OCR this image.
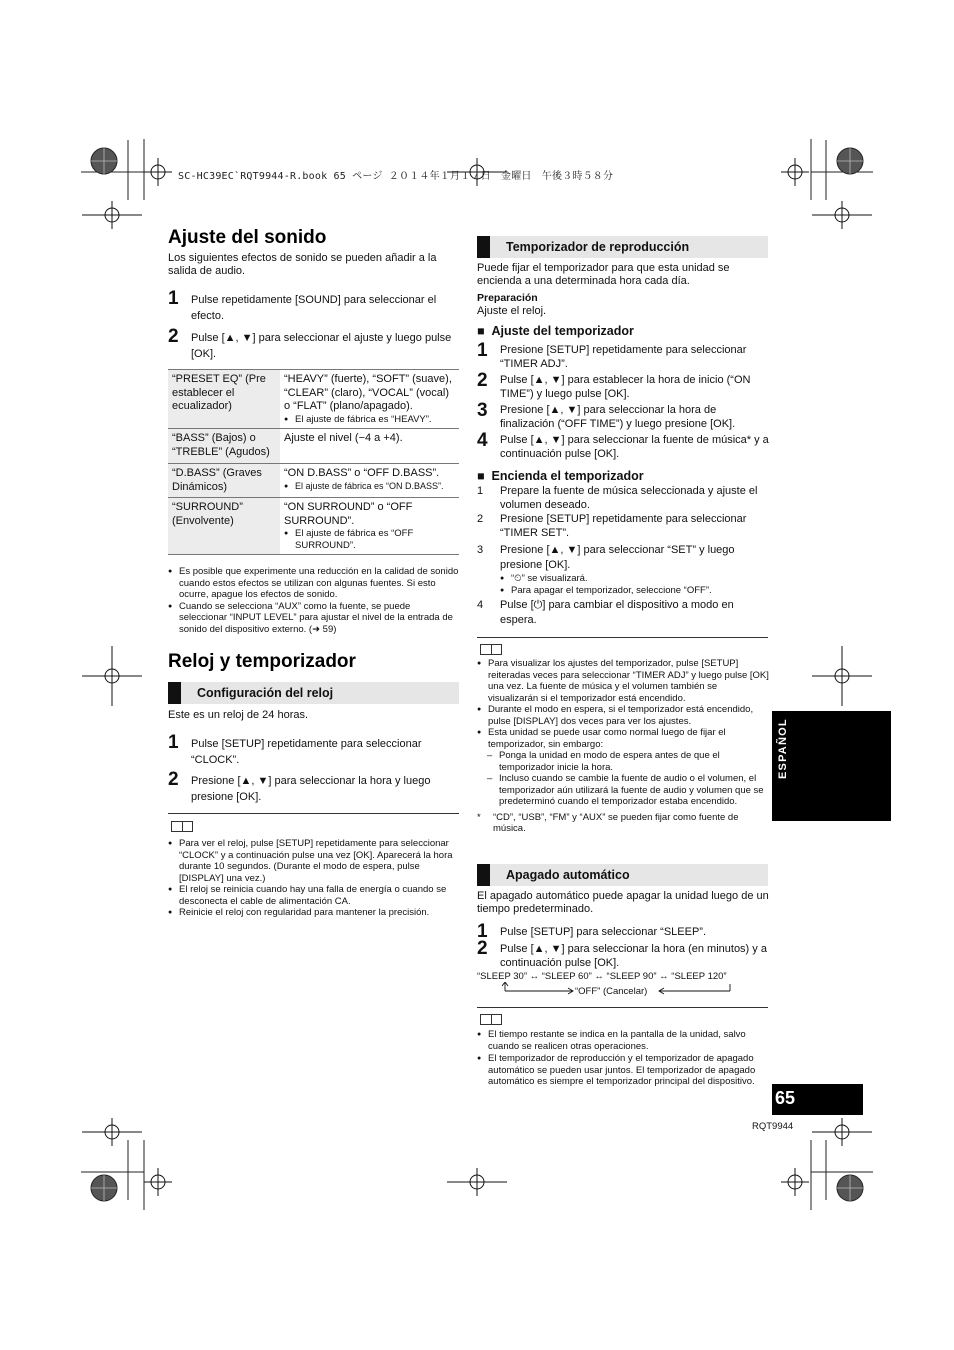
SC-HC39EC`RQT9944-R.book 65 ページ ２０１４年１月１７日　金曜日　午後３時５８分
Ajuste del sonido
Los siguientes efectos de sonido se pueden añadir a la salida de audio.
1 Pulse repetidamente [SOUND] para seleccionar el efecto.
2 Pulse [▲, ▼] para seleccionar el ajuste y luego pulse [OK].
“PRESET EQ” (Pre establecer el ecualizador)	“HEAVY” (fuerte), “SOFT” (suave), “CLEAR” (claro), “VOCAL” (vocal) o “FLAT” (plano/apagado).
● El ajuste de fábrica es “HEAVY”.

“BASS” (Bajos) o “TREBLE” (Agudos)	Ajuste el nivel (−4 a +4).

“D.BASS” (Graves Dinámicos)	“ON D.BASS” o “OFF D.BASS”.
● El ajuste de fábrica es “ON D.BASS”.

“SURROUND” (Envolvente)	“ON SURROUND” o “OFF SURROUND”.
● El ajuste de fábrica es “OFF SURROUND”.
● Es posible que experimente una reducción en la calidad de sonido cuando estos efectos se utilizan con algunas fuentes. Si esto ocurre, apague los efectos de sonido.
● Cuando se selecciona “AUX” como la fuente, se puede seleccionar “INPUT LEVEL” para ajustar el nivel de la entrada de sonido del dispositivo externo. (➜ 59)
Reloj y temporizador
Configuración del reloj
Este es un reloj de 24 horas.
1 Pulse [SETUP] repetidamente para seleccionar “CLOCK”.
2 Presione [▲, ▼] para seleccionar la hora y luego presione [OK].
● Para ver el reloj, pulse [SETUP] repetidamente para seleccionar “CLOCK” y a continuación pulse una vez [OK]. Aparecerá la hora durante 10 segundos. (Durante el modo de espera, pulse [DISPLAY] una vez.)
● El reloj se reinicia cuando hay una falla de energía o cuando se desconecta el cable de alimentación CA.
● Reinicie el reloj con regularidad para mantener la precisión.
Temporizador de reproducción
Puede fijar el temporizador para que esta unidad se encienda a una determinada hora cada día.
Preparación
Ajuste el reloj.
■  Ajuste del temporizador
1 Presione [SETUP] repetidamente para seleccionar “TIMER ADJ”.
2 Pulse [▲, ▼] para establecer la hora de inicio (“ON TIME”) y luego pulse [OK].
3 Presione [▲, ▼] para seleccionar la hora de finalización (“OFF TIME”) y luego presione [OK].
4 Pulse [▲, ▼] para seleccionar la fuente de música* y a continuación pulse [OK].
■  Encienda el temporizador
1 Prepare la fuente de música seleccionada y ajuste el volumen deseado.
2 Presione [SETUP] repetidamente para seleccionar “TIMER SET”.
3 Presione [▲, ▼] para seleccionar “SET” y luego presione [OK].
● “⏲” se visualizará.
● Para apagar el temporizador, seleccione “OFF”.
4 Pulse [⏻] para cambiar el dispositivo a modo en espera.
● Para visualizar los ajustes del temporizador, pulse [SETUP] reiteradas veces para seleccionar “TIMER ADJ” y luego pulse [OK] una vez. La fuente de música y el volumen también se visualizarán si el temporizador está encendido.
● Durante el modo en espera, si el temporizador está encendido, pulse [DISPLAY] dos veces para ver los ajustes.
● Esta unidad se puede usar como normal luego de fijar el temporizador, sin embargo:
– Ponga la unidad en modo de espera antes de que el temporizador inicie la hora.
– Incluso cuando se cambie la fuente de audio o el volumen, el temporizador aún utilizará la fuente de audio y volumen que se predeterminó cuando el temporizador estaba encendido.
* “CD”, “USB”, “FM” y “AUX” se pueden fijar como fuente de música.
Apagado automático
El apagado automático puede apagar la unidad luego de un tiempo predeterminado.
1 Pulse [SETUP] para seleccionar “SLEEP”.
2 Pulse [▲, ▼] para seleccionar la hora (en minutos) y a continuación pulse [OK].
“SLEEP 30” ↔ “SLEEP 60” ↔ “SLEEP 90” ↔ “SLEEP 120”
“OFF” (Cancelar)
● El tiempo restante se indica en la pantalla de la unidad, salvo cuando se realicen otras operaciones.
● El temporizador de reproducción y el temporizador de apagado automático se pueden usar juntos. El temporizador de apagado automático es siempre el temporizador principal del dispositivo.
ESPAÑOL
65
RQT9944
